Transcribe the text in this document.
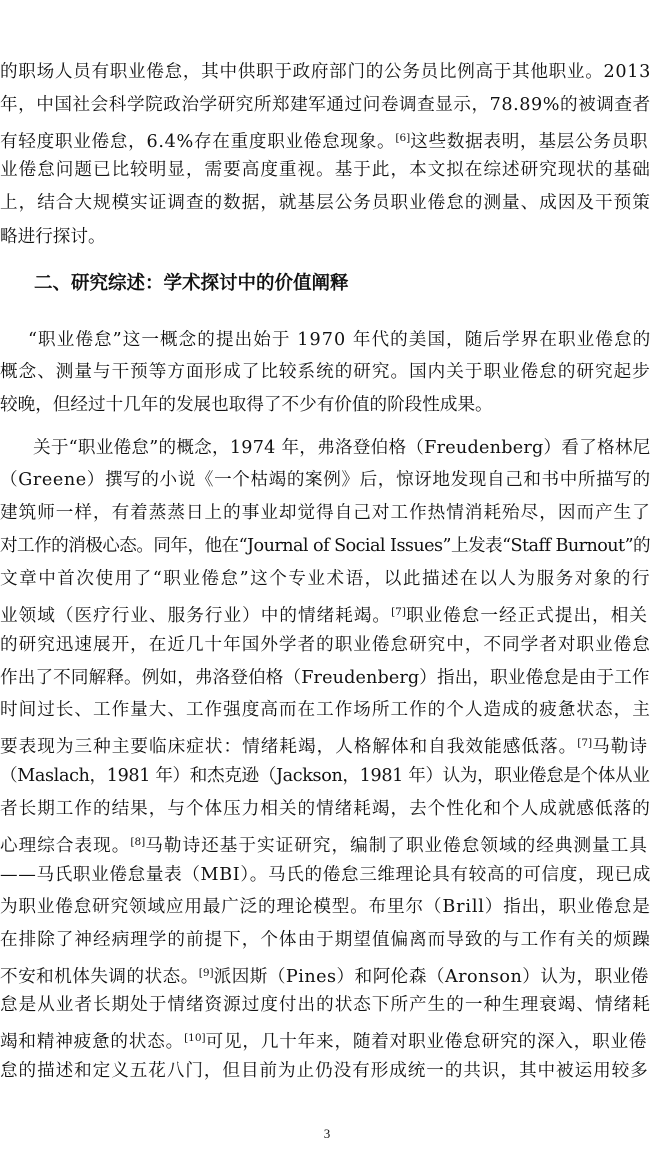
的职场人员有职业倦怠，其中供职于政府部门的公务员比例高于其他职业。2013
年，中国社会科学院政治学研究所郑建军通过问卷调查显示，78.89%的被调查者
有轻度职业倦怠，6.4%存在重度职业倦怠现象。[6]这些数据表明，基层公务员职
业倦怠问题已比较明显，需要高度重视。基于此，本文拟在综述研究现状的基础
上，结合大规模实证调查的数据，就基层公务员职业倦怠的测量、成因及干预策
略进行探讨。
“职业倦怠”这一概念的提出始于 1970 年代的美国，随后学界在职业倦怠的
概念、测量与干预等方面形成了比较系统的研究。国内关于职业倦怠的研究起步
较晚，但经过十几年的发展也取得了不少有价值的阶段性成果。
关于“职业倦怠”的概念，1974 年，弗洛登伯格（Freudenberg）看了格林尼
（Greene）撰写的小说《一个枯竭的案例》后，惊讶地发现自己和书中所描写的
建筑师一样，有着蒸蒸日上的事业却觉得自己对工作热情消耗殆尽，因而产生了
对工作的消极心态。同年，他在“Journal of Social Issues”上发表“Staff Burnout”的
文章中首次使用了“职业倦怠”这个专业术语，以此描述在以人为服务对象的行
业领域（医疗行业、服务行业）中的情绪耗竭。[7]职业倦怠一经正式提出，相关
的研究迅速展开，在近几十年国外学者的职业倦怠研究中，不同学者对职业倦怠
作出了不同解释。例如，弗洛登伯格（Freudenberg）指出，职业倦怠是由于工作
时间过长、工作量大、工作强度高而在工作场所工作的个人造成的疲惫状态，主
要表现为三种主要临床症状：情绪耗竭，人格解体和自我效能感低落。[7]马勒诗
（Maslach，1981 年）和杰克逊（Jackson，1981 年）认为，职业倦怠是个体从业
者长期工作的结果，与个体压力相关的情绪耗竭，去个性化和个人成就感低落的
心理综合表现。[8]马勒诗还基于实证研究，编制了职业倦怠领域的经典测量工具
——马氏职业倦怠量表（MBI）。马氏的倦怠三维理论具有较高的可信度，现已成
为职业倦怠研究领域应用最广泛的理论模型。布里尔（Brill）指出，职业倦怠是
在排除了神经病理学的前提下，个体由于期望值偏离而导致的与工作有关的烦躁
不安和机体失调的状态。[9]派因斯（Pines）和阿伦森（Aronson）认为，职业倦
怠是从业者长期处于情绪资源过度付出的状态下所产生的一种生理衰竭、情绪耗
竭和精神疲惫的状态。[10]可见，几十年来，随着对职业倦怠研究的深入，职业倦
怠的描述和定义五花八门，但目前为止仍没有形成统一的共识，其中被运用较多
二、研究综述：学术探讨中的价值阐释
3
